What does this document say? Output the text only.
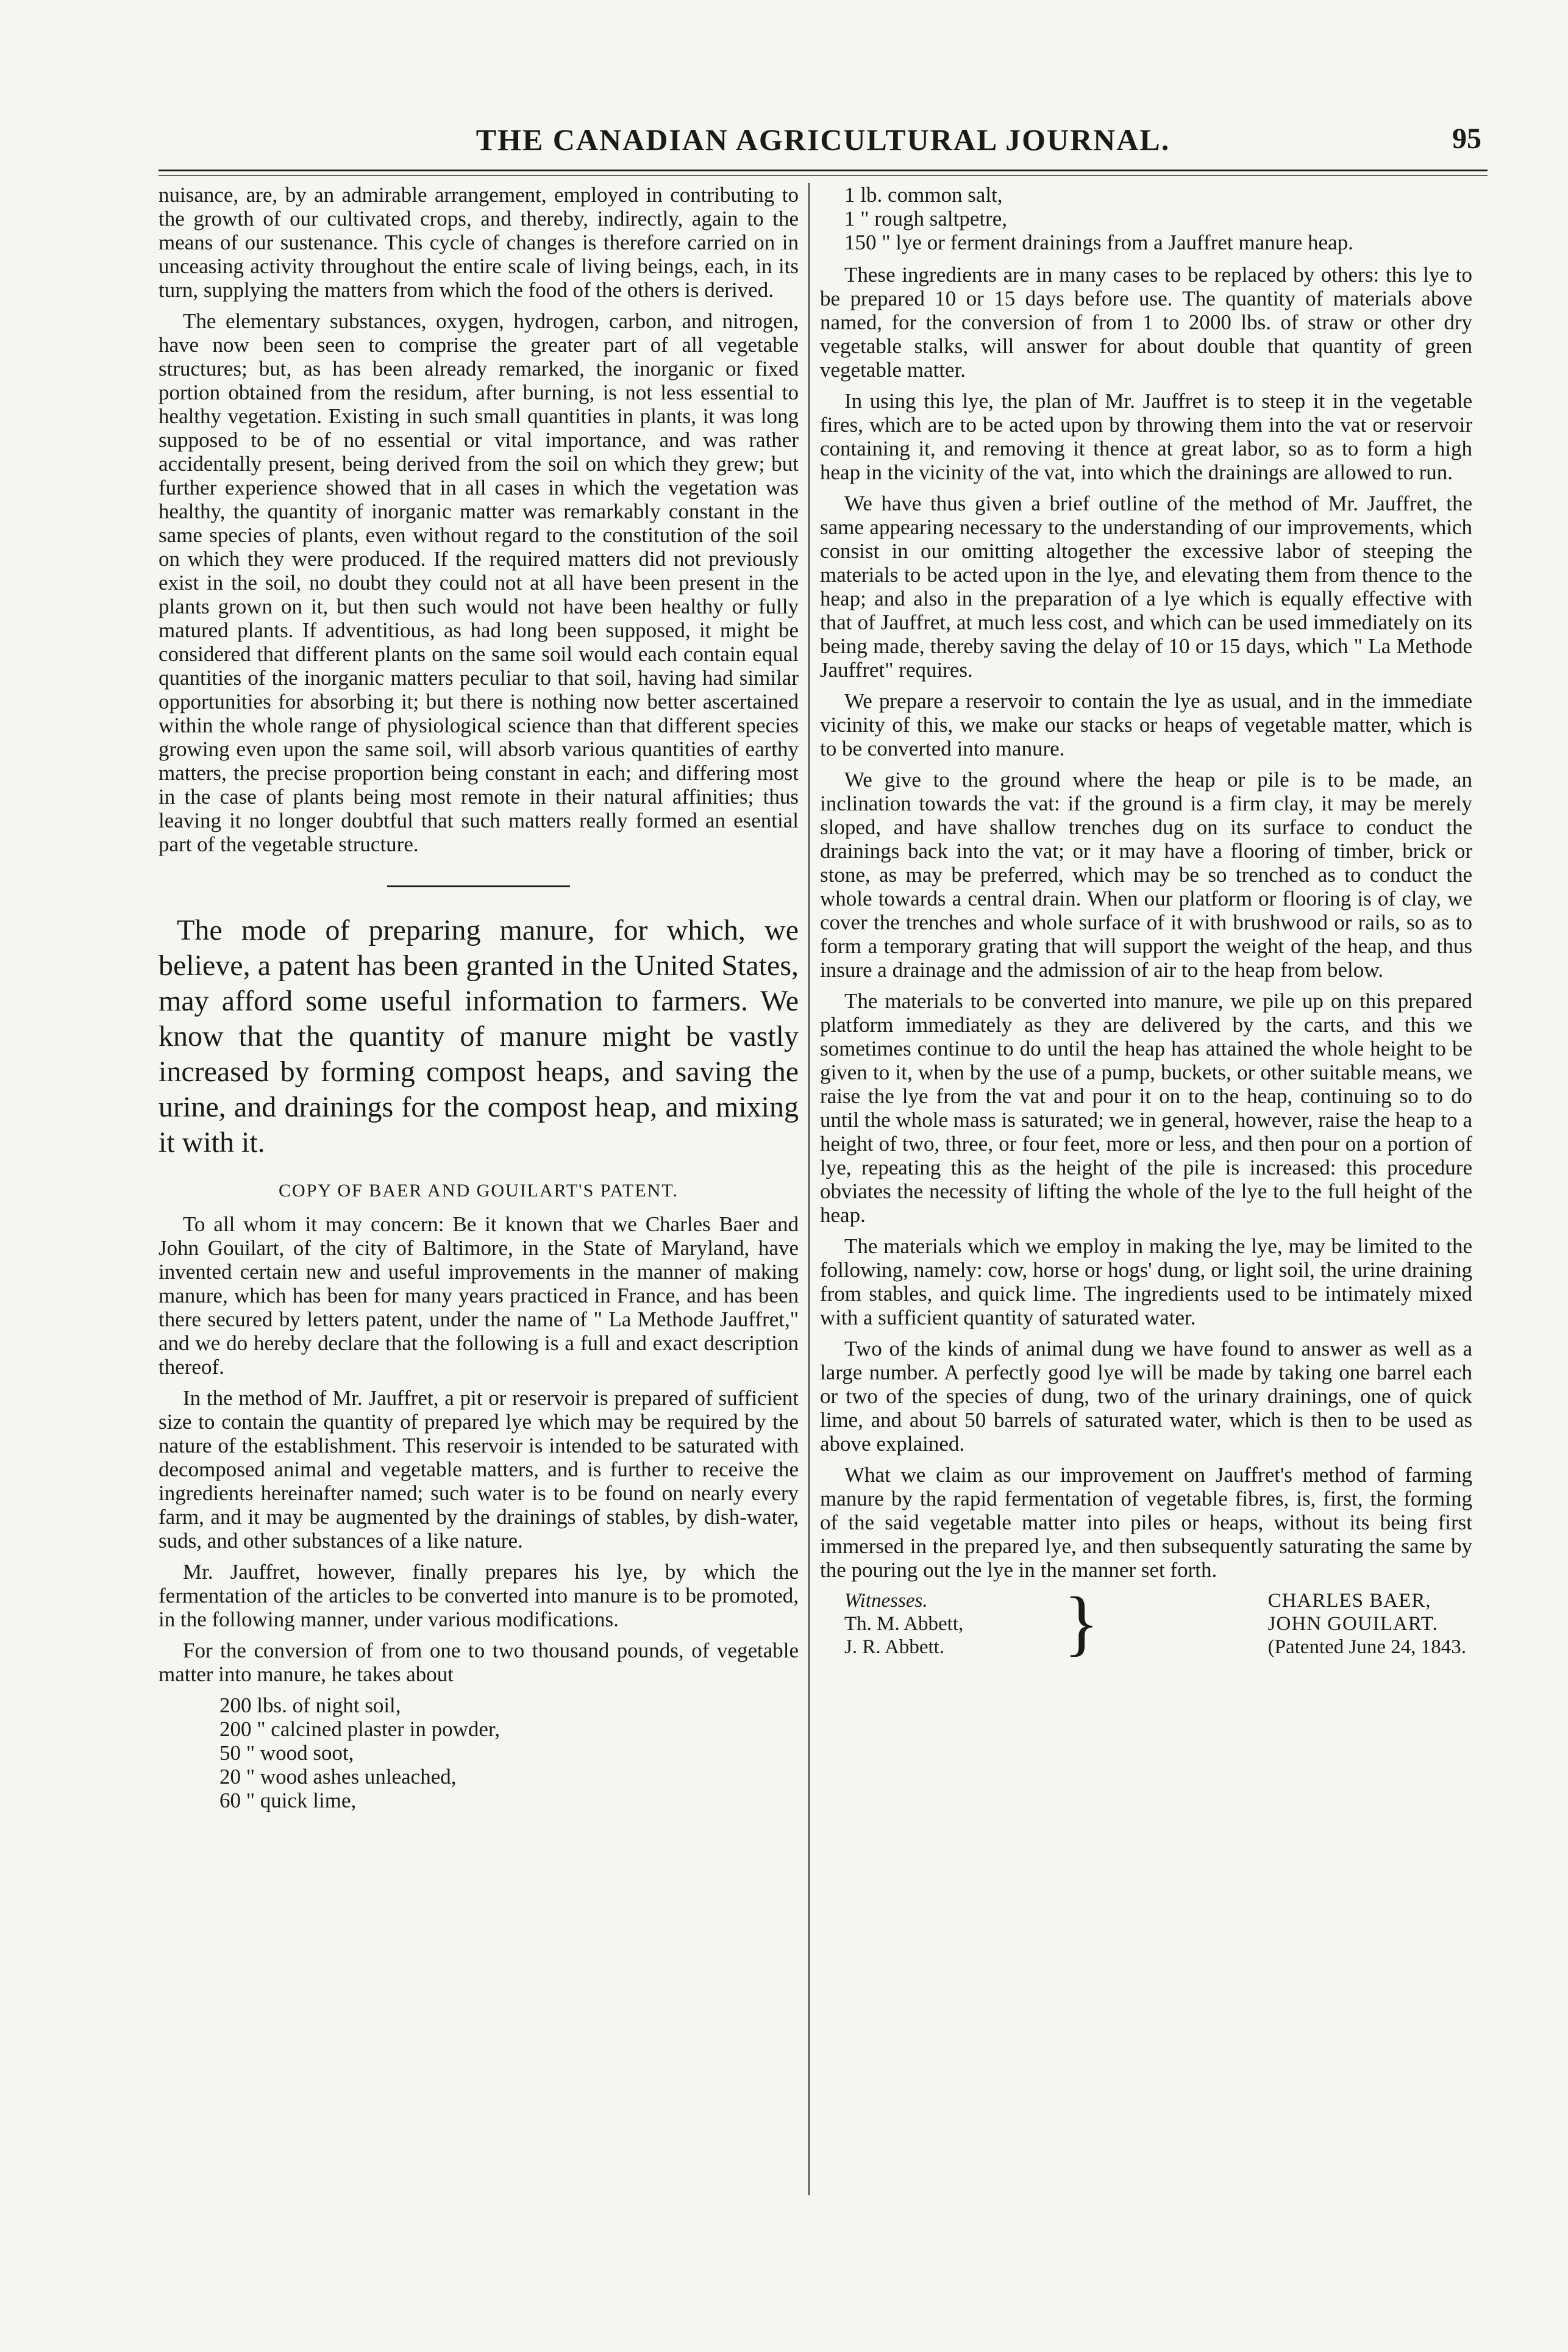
THE CANADIAN AGRICULTURAL JOURNAL.	95

nuisance, are, by an admirable arrangement, employed in contributing to the growth of our cultivated crops, and thereby, indirectly, again to the means of our sustenance. This cycle of changes is therefore carried on in unceasing activity throughout the entire scale of living beings, each, in its turn, supplying the matters from which the food of the others is derived.

The elementary substances, oxygen, hydrogen, carbon, and nitrogen, have now been seen to comprise the greater part of all vegetable structures; but, as has been already remarked, the inorganic or fixed portion obtained from the residum, after burning, is not less essential to healthy vegetation. Existing in such small quantities in plants, it was long supposed to be of no essential or vital importance, and was rather accidentally present, being derived from the soil on which they grew; but further experience showed that in all cases in which the vegetation was healthy, the quantity of inorganic matter was remarkably constant in the same species of plants, even without regard to the constitution of the soil on which they were produced. If the required matters did not previously exist in the soil, no doubt they could not at all have been present in the plants grown on it, but then such would not have been healthy or fully matured plants. If adventitious, as had long been supposed, it might be considered that different plants on the same soil would each contain equal quantities of the inorganic matters peculiar to that soil, having had similar opportunities for absorbing it; but there is nothing now better ascertained within the whole range of physiological science than that different species growing even upon the same soil, will absorb various quantities of earthy matters, the precise proportion being constant in each; and differing most in the case of plants being most remote in their natural affinities; thus leaving it no longer doubtful that such matters really formed an esential part of the vegetable structure.

The mode of preparing manure, for which, we believe, a patent has been granted in the United States, may afford some useful information to farmers. We know that the quantity of manure might be vastly increased by forming compost heaps, and saving the urine, and drainings for the compost heap, and mixing it with it.

COPY OF BAER AND GOUILART'S PATENT.

To all whom it may concern: Be it known that we Charles Baer and John Gouilart, of the city of Baltimore, in the State of Maryland, have invented certain new and useful improvements in the manner of making manure, which has been for many years practiced in France, and has been there secured by letters patent, under the name of " La Methode Jauffret," and we do hereby declare that the following is a full and exact description thereof.

In the method of Mr. Jauffret, a pit or reservoir is prepared of sufficient size to contain the quantity of prepared lye which may be required by the nature of the establishment. This reservoir is intended to be saturated with decomposed animal and vegetable matters, and is further to receive the ingredients hereinafter named; such water is to be found on nearly every farm, and it may be augmented by the drainings of stables, by dish-water, suds, and other substances of a like nature.

Mr. Jauffret, however, finally prepares his lye, by which the fermentation of the articles to be converted into manure is to be promoted, in the following manner, under various modifications.

For the conversion of from one to two thousand pounds, of vegetable matter into manure, he takes about

200 lbs. of night soil,
200 " calcined plaster in powder,
50 " wood soot,
20 " wood ashes unleached,
60 " quick lime,
1 lb. common salt,
1 " rough saltpetre,
150 " lye or ferment drainings from a Jauffret manure heap.

These ingredients are in many cases to be replaced by others: this lye to be prepared 10 or 15 days before use. The quantity of materials above named, for the conversion of from 1 to 2000 lbs. of straw or other dry vegetable stalks, will answer for about double that quantity of green vegetable matter.

In using this lye, the plan of Mr. Jauffret is to steep it in the vegetable fires, which are to be acted upon by throwing them into the vat or reservoir containing it, and removing it thence at great labor, so as to form a high heap in the vicinity of the vat, into which the drainings are allowed to run.

We have thus given a brief outline of the method of Mr. Jauffret, the same appearing necessary to the understanding of our improvements, which consist in our omitting altogether the excessive labor of steeping the materials to be acted upon in the lye, and elevating them from thence to the heap; and also in the preparation of a lye which is equally effective with that of Jauffret, at much less cost, and which can be used immediately on its being made, thereby saving the delay of 10 or 15 days, which " La Methode Jauffret" requires.

We prepare a reservoir to contain the lye as usual, and in the immediate vicinity of this, we make our stacks or heaps of vegetable matter, which is to be converted into manure.

We give to the ground where the heap or pile is to be made, an inclination towards the vat: if the ground is a firm clay, it may be merely sloped, and have shallow trenches dug on its surface to conduct the drainings back into the vat; or it may have a flooring of timber, brick or stone, as may be preferred, which may be so trenched as to conduct the whole towards a central drain. When our platform or flooring is of clay, we cover the trenches and whole surface of it with brushwood or rails, so as to form a temporary grating that will support the weight of the heap, and thus insure a drainage and the admission of air to the heap from below.

The materials to be converted into manure, we pile up on this prepared platform immediately as they are delivered by the carts, and this we sometimes continue to do until the heap has attained the whole height to be given to it, when by the use of a pump, buckets, or other suitable means, we raise the lye from the vat and pour it on to the heap, continuing so to do until the whole mass is saturated; we in general, however, raise the heap to a height of two, three, or four feet, more or less, and then pour on a portion of lye, repeating this as the height of the pile is increased: this procedure obviates the necessity of lifting the whole of the lye to the full height of the heap.

The materials which we employ in making the lye, may be limited to the following, namely: cow, horse or hogs' dung, or light soil, the urine draining from stables, and quick lime. The ingredients used to be intimately mixed with a sufficient quantity of saturated water.

Two of the kinds of animal dung we have found to answer as well as a large number. A perfectly good lye will be made by taking one barrel each or two of the species of dung, two of the urinary drainings, one of quick lime, and about 50 barrels of saturated water, which is then to be used as above explained.

What we claim as our improvement on Jauffret's method of farming manure by the rapid fermentation of vegetable fibres, is, first, the forming of the said vegetable matter into piles or heaps, without its being first immersed in the prepared lye, and then subsequently saturating the same by the pouring out the lye in the manner set forth.

Witnesses.
Th. M. Abbett,
J. R. Abbett. }	CHARLES BAER,
JOHN GOUILART.
(Patented June 24, 1843.
